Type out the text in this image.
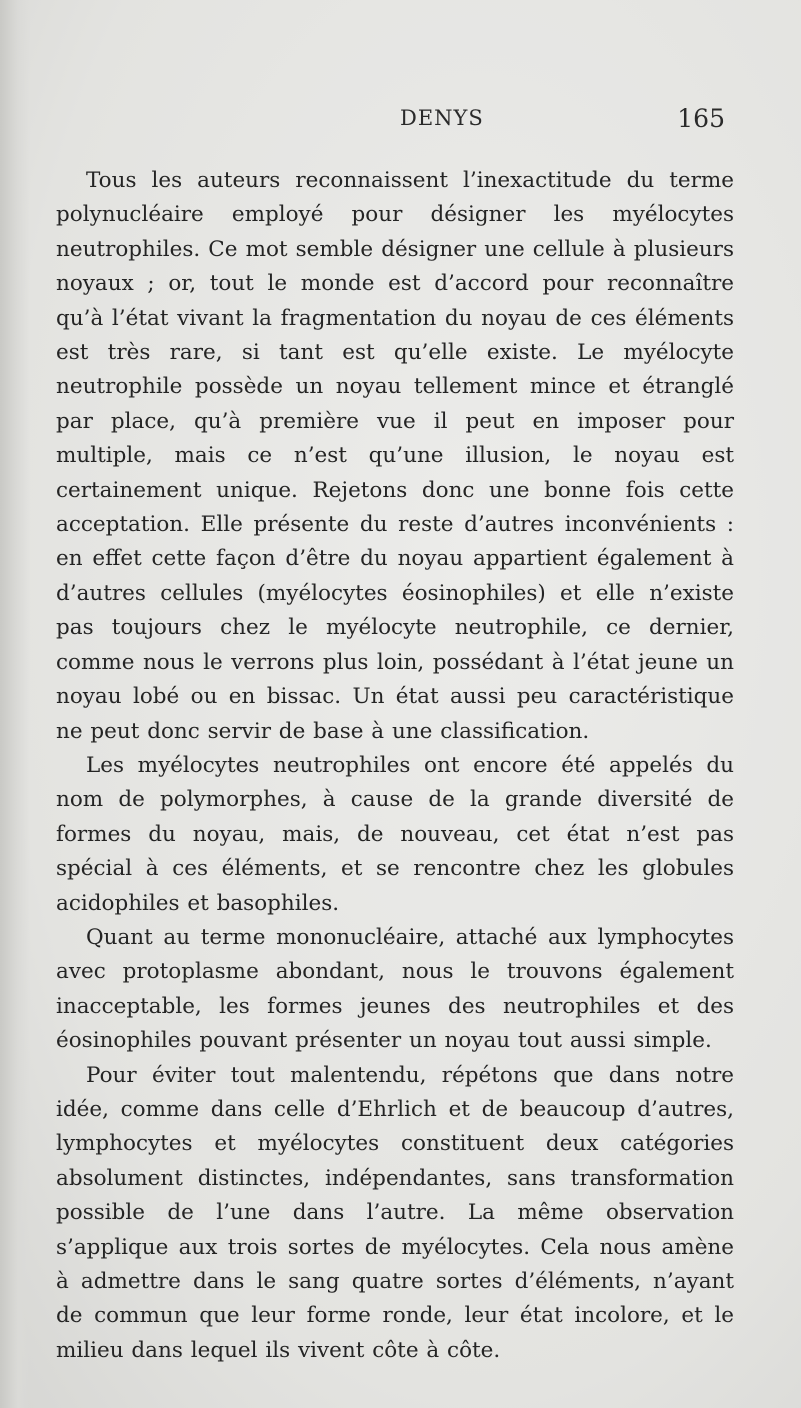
DENYS	165

Tous les auteurs reconnaissent l’inexactitude du terme polynucléaire employé pour désigner les myélocytes neutrophiles. Ce mot semble désigner une cellule à plusieurs noyaux ; or, tout le monde est d’accord pour reconnaître qu’à l’état vivant la fragmentation du noyau de ces éléments est très rare, si tant est qu’elle existe. Le myélocyte neutrophile possède un noyau tellement mince et étranglé par place, qu’à première vue il peut en imposer pour multiple, mais ce n’est qu’une illusion, le noyau est certainement unique. Rejetons donc une bonne fois cette acceptation. Elle présente du reste d’autres inconvénients : en effet cette façon d’être du noyau appartient également à d’autres cellules (myélocytes éosinophiles) et elle n’existe pas toujours chez le myélocyte neutrophile, ce dernier, comme nous le verrons plus loin, possédant à l’état jeune un noyau lobé ou en bissac. Un état aussi peu caractéristique ne peut donc servir de base à une classification.

Les myélocytes neutrophiles ont encore été appelés du nom de polymorphes, à cause de la grande diversité de formes du noyau, mais, de nouveau, cet état n’est pas spécial à ces éléments, et se rencontre chez les globules acidophiles et basophiles.

Quant au terme mononucléaire, attaché aux lymphocytes avec protoplasme abondant, nous le trouvons également inacceptable, les formes jeunes des neutrophiles et des éosinophiles pouvant présenter un noyau tout aussi simple.

Pour éviter tout malentendu, répétons que dans notre idée, comme dans celle d’Ehrlich et de beaucoup d’autres, lymphocytes et myélocytes constituent deux catégories absolument distinctes, indépendantes, sans transformation possible de l’une dans l’autre. La même observation s’applique aux trois sortes de myélocytes. Cela nous amène à admettre dans le sang quatre sortes d’éléments, n’ayant de commun que leur forme ronde, leur état incolore, et le milieu dans lequel ils vivent côte à côte.
